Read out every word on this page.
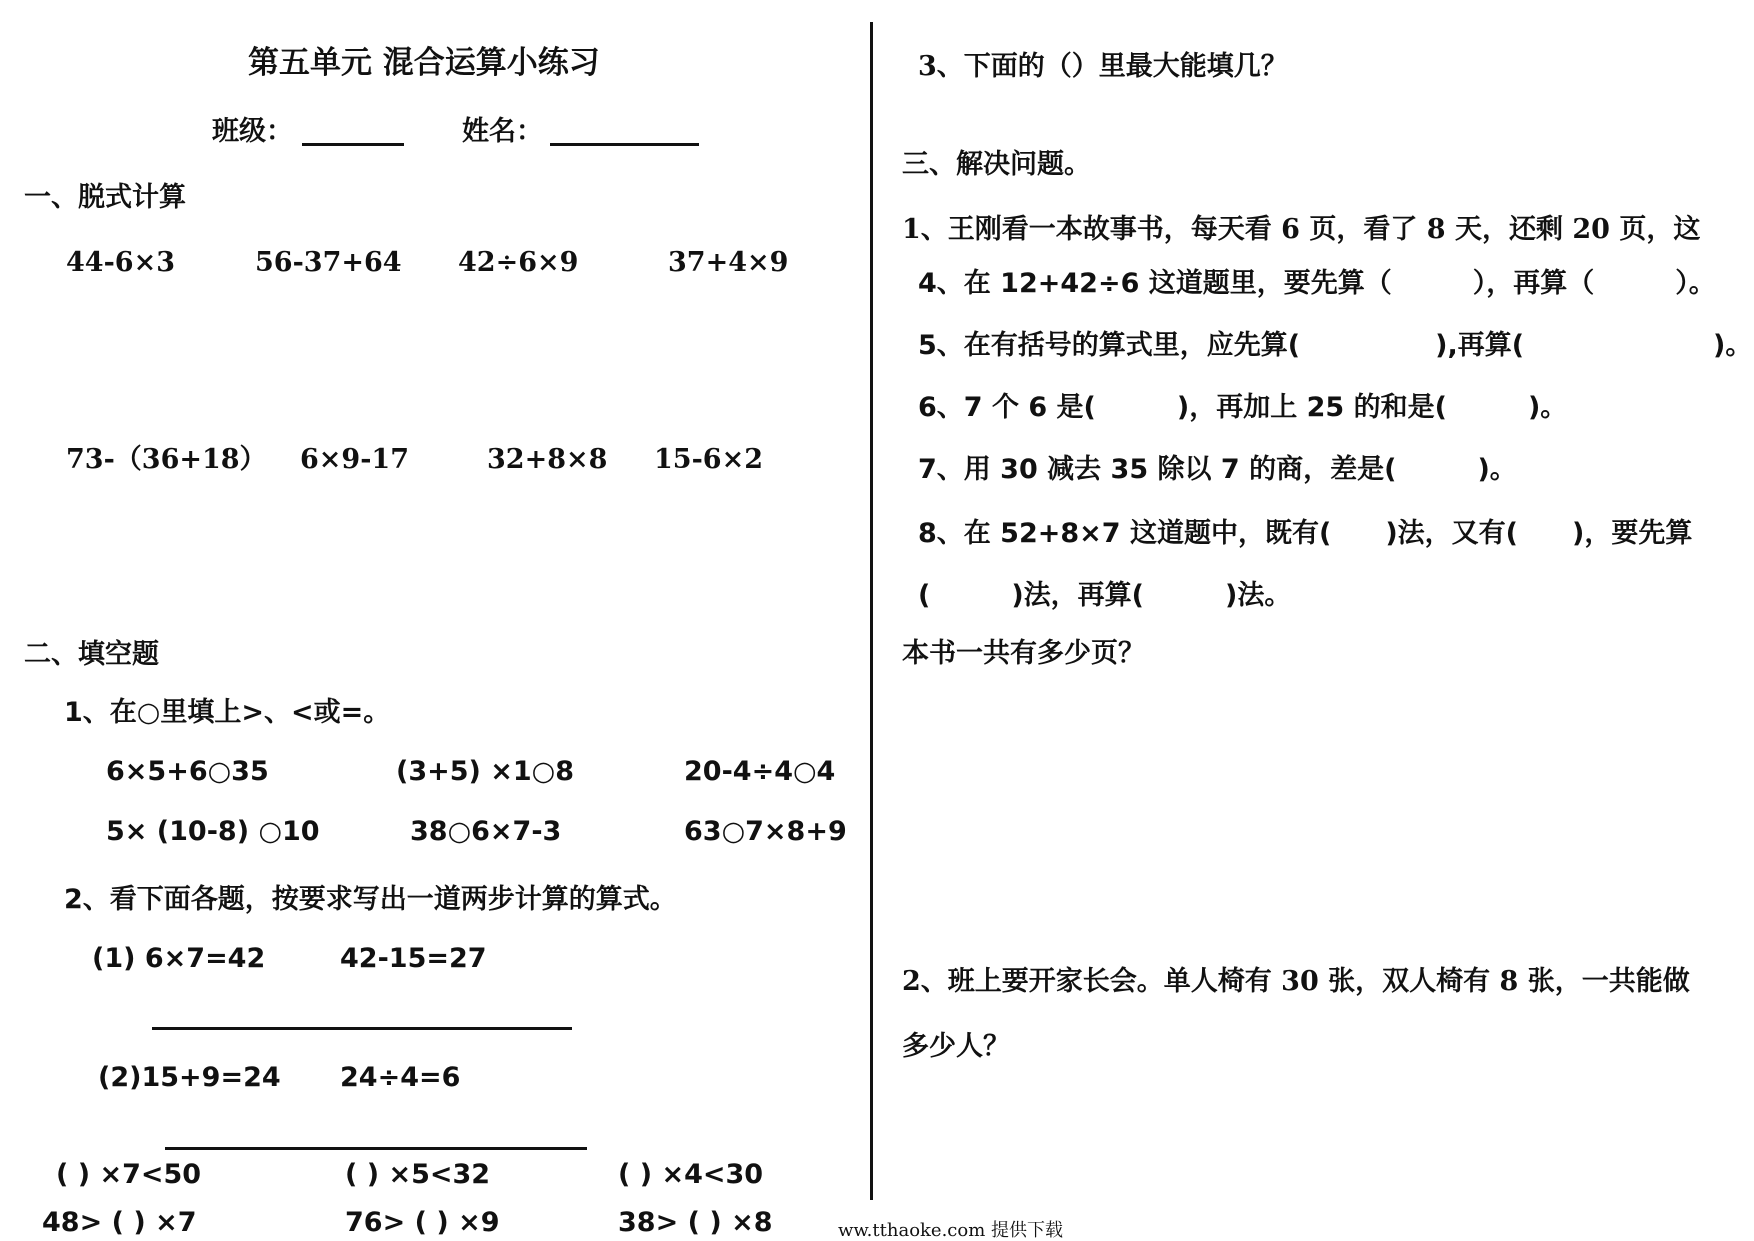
第五单元 混合运算小练习
班级：	姓名：
一、脱式计算
44-6×3	56-37+64 42÷6×9	37+4×9
73-（36+18） 6×9-17	32+8×8 15-6×2
二、填空题
1、在○里填上>、<或=。
6×5+6○35	(3+5) ×1○8	20-4÷4○4
5× (10-8) ○10	38○6×7-3	63○7×8+9
2、看下面各题，按要求写出一道两步计算的算式。
(1) 6×7=42	42-15=27
(2)15+9=24 24÷4=6
( ) ×7<50	( ) ×5<32	( ) ×4<30
48> ( ) ×7	76> ( ) ×9	38> ( ) ×8
3、下面的（）里最大能填几？
三、解决问题。
1、王刚看一本故事书，每天看 6 页，看了 8 天，还剩 20 页，这
4、在 12+42÷6 这道题里，要先算（　　　），再算（　　　）。
5、在有括号的算式里，应先算(　　　　　),再算(　　　　　　　)。
6、7 个 6 是(　　　)，再加上 25 的和是(　　　)。
7、用 30 减去 35 除以 7 的商，差是(　　　)。
8、在 52+8×7 这道题中，既有(　　)法，又有(　　)，要先算
(　　　)法，再算(　　　)法。
本书一共有多少页？
2、班上要开家长会。单人椅有 30 张，双人椅有 8 张，一共能做
多少人？
ww.tthaoke.com 提供下载
